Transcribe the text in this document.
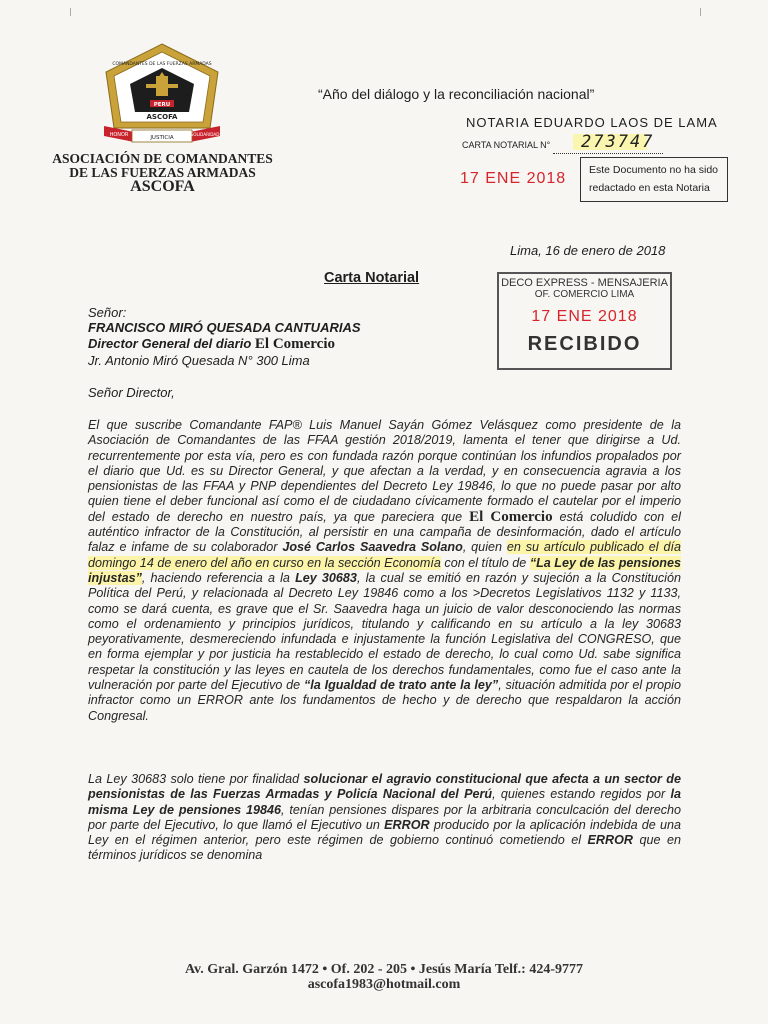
COMANDANTES DE LAS FUERZAS ARMADAS
PERU
ASCOFA
HONOR	JUSTICIA
SOLIDARIDAD
ASOCIACIÓN DE COMANDANTES
DE LAS FUERZAS ARMADAS
ASCOFA
“Año del diálogo y la reconciliación nacional”
NOTARIA EDUARDO LAOS DE LAMA
CARTA NOTARIAL N° 273747
17 ENE 2018 Este Documento no ha sido
redactado en esta Notaria
Lima, 16 de enero de 2018
Carta Notarial	DECO EXPRESS - MENSAJERIA
OF. COMERCIO LIMA
17 ENE 2018
RECIBIDO
Señor:
FRANCISCO MIRÓ QUESADA CANTUARIAS
Director General del diario El Comercio
Jr. Antonio Miró Quesada N° 300 Lima
Señor Director,
El que suscribe Comandante FAP® Luis Manuel Sayán Gómez Velásquez como presidente de la Asociación de Comandantes de las FFAA gestión 2018/2019, lamenta el tener que dirigirse a Ud. recurrentemente por esta vía, pero es con fundada razón porque continúan los infundios propalados por el diario que Ud. es su Director General, y que afectan a la verdad, y en consecuencia agravia a los pensionistas de las FFAA y PNP dependientes del Decreto Ley 19846, lo que no puede pasar por alto quien tiene el deber funcional así como el de ciudadano cívicamente formado el cautelar por el imperio del estado de derecho en nuestro país, ya que pareciera que El Comercio está coludido con el auténtico infractor de la Constitución, al persistir en una campaña de desinformación, dado el artículo falaz e infame de su colaborador José Carlos Saavedra Solano, quien en su artículo publicado el día domingo 14 de enero del año en curso en la sección Economía con el título de “La Ley de las pensiones injustas”, haciendo referencia a la Ley 30683, la cual se emitió en razón y sujeción a la Constitución Política del Perú, y relacionada al Decreto Ley 19846 como a los >Decretos Legislativos 1132 y 1133, como se dará cuenta, es grave que el Sr. Saavedra haga un juicio de valor desconociendo las normas como el ordenamiento y principios jurídicos, titulando y calificando en su artículo a la ley 30683 peyorativamente, desmereciendo infundada e injustamente la función Legislativa del CONGRESO, que en forma ejemplar y por justicia ha restablecido el estado de derecho, lo cual como Ud. sabe significa respetar la constitución y las leyes en cautela de los derechos fundamentales, como fue el caso ante la vulneración por parte del Ejecutivo de “la Igualdad de trato ante la ley”, situación admitida por el propio infractor como un ERROR ante los fundamentos de hecho y de derecho que respaldaron la acción Congresal.
La Ley 30683 solo tiene por finalidad solucionar el agravio constitucional que afecta a un sector de pensionistas de las Fuerzas Armadas y Policía Nacional del Perú, quienes estando regidos por la misma Ley de pensiones 19846, tenían pensiones dispares por la arbitraria conculcación del derecho por parte del Ejecutivo, lo que llamó el Ejecutivo un ERROR producido por la aplicación indebida de una Ley en el régimen anterior, pero este régimen de gobierno continuó cometiendo el ERROR que en términos jurídicos se denomina
Av. Gral. Garzón 1472 • Of. 202 - 205 • Jesús María Telf.: 424-9777
ascofa1983@hotmail.com
